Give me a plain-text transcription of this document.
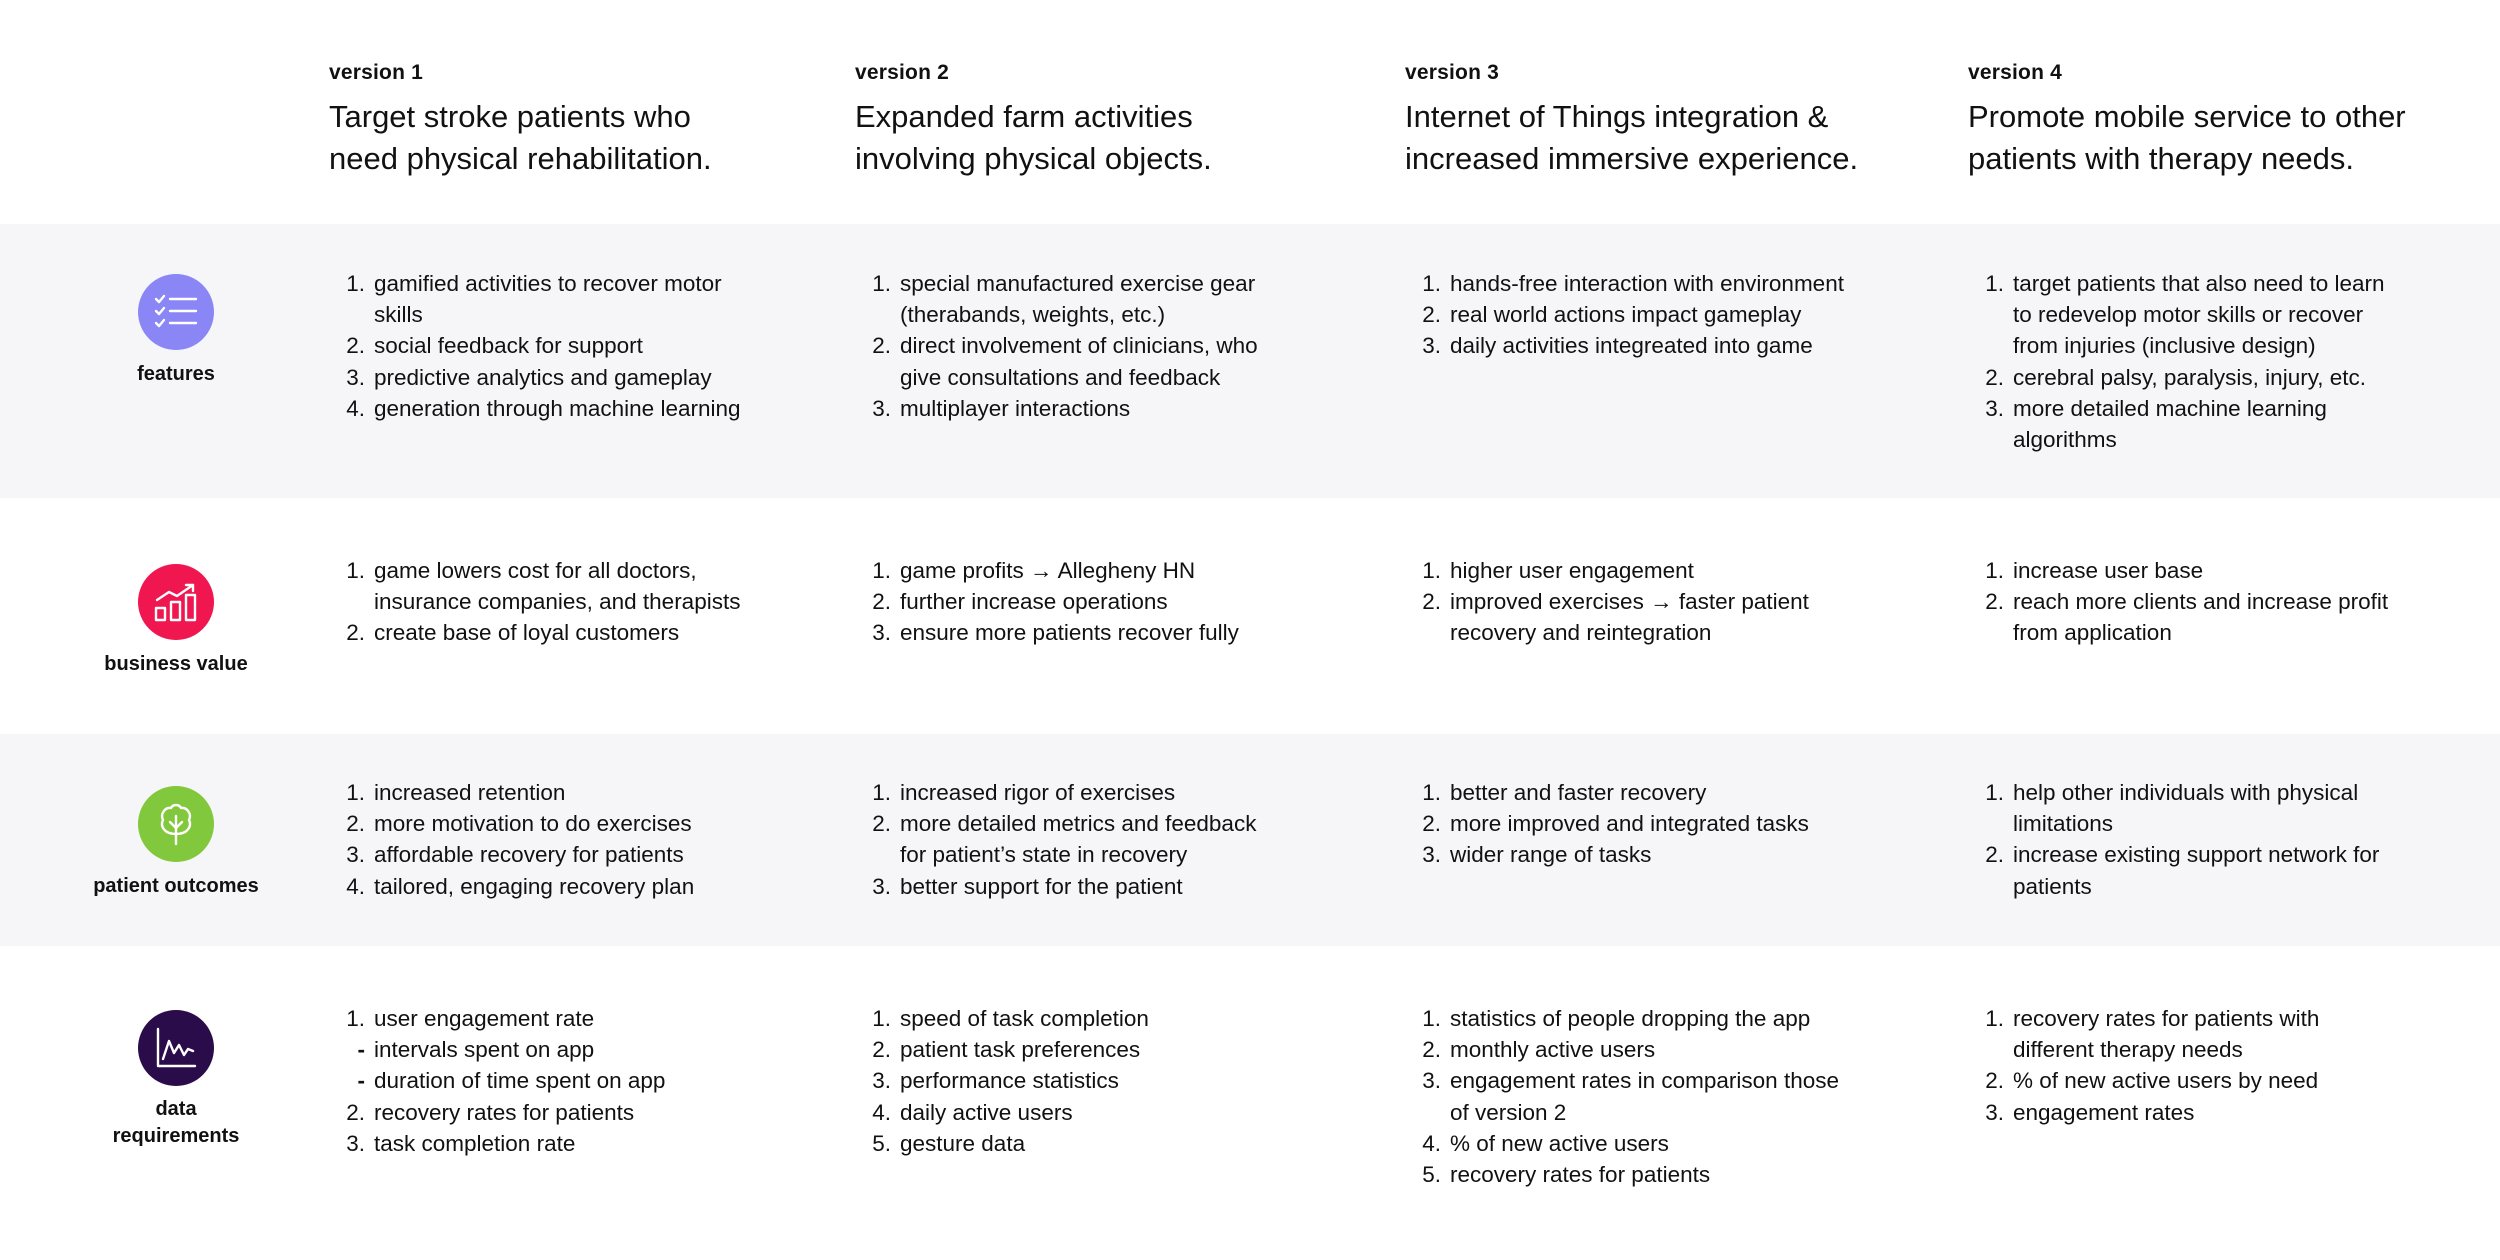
version 1
Target stroke patients who
need physical rehabilitation.
version 2
Expanded farm activities
involving physical objects.
version 3
Internet of Things integration &
increased immersive experience.
version 4
Promote mobile service to other
patients with therapy needs.
features
business value
patient outcomes
data
requirements
1. gamified activities to recover motor
skills
2. social feedback for support
3. predictive analytics and gameplay
4. generation through machine learning
1. special manufactured exercise gear
(therabands, weights, etc.)
2. direct involvement of clinicians, who
give consultations and feedback
3. multiplayer interactions
1. hands-free interaction with environment
2. real world actions impact gameplay
3. daily activities integreated into game
1. target patients that also need to learn
to redevelop motor skills or recover
from injuries (inclusive design)
2. cerebral palsy, paralysis, injury, etc.
3. more detailed machine learning
algorithms
1. game lowers cost for all doctors,
insurance companies, and therapists
2. create base of loyal customers
1. game profits → Allegheny HN
2. further increase operations
3. ensure more patients recover fully
1. higher user engagement
2. improved exercises → faster patient
recovery and reintegration
1. increase user base
2. reach more clients and increase profit
from application
1. increased retention
2. more motivation to do exercises
3. affordable recovery for patients
4. tailored, engaging recovery plan
1. increased rigor of exercises
2. more detailed metrics and feedback
for patient’s state in recovery
3. better support for the patient
1. better and faster recovery
2. more improved and integrated tasks
3. wider range of tasks
1. help other individuals with physical
limitations
2. increase existing support network for
patients
1. user engagement rate
- intervals spent on app
- duration of time spent on app
2. recovery rates for patients
3. task completion rate
1. speed of task completion
2. patient task preferences
3. performance statistics
4. daily active users
5. gesture data
1. statistics of people dropping the app
2. monthly active users
3. engagement rates in comparison those
of version 2
4. % of new active users
5. recovery rates for patients
1. recovery rates for patients with
different therapy needs
2. % of new active users by need
3. engagement rates
